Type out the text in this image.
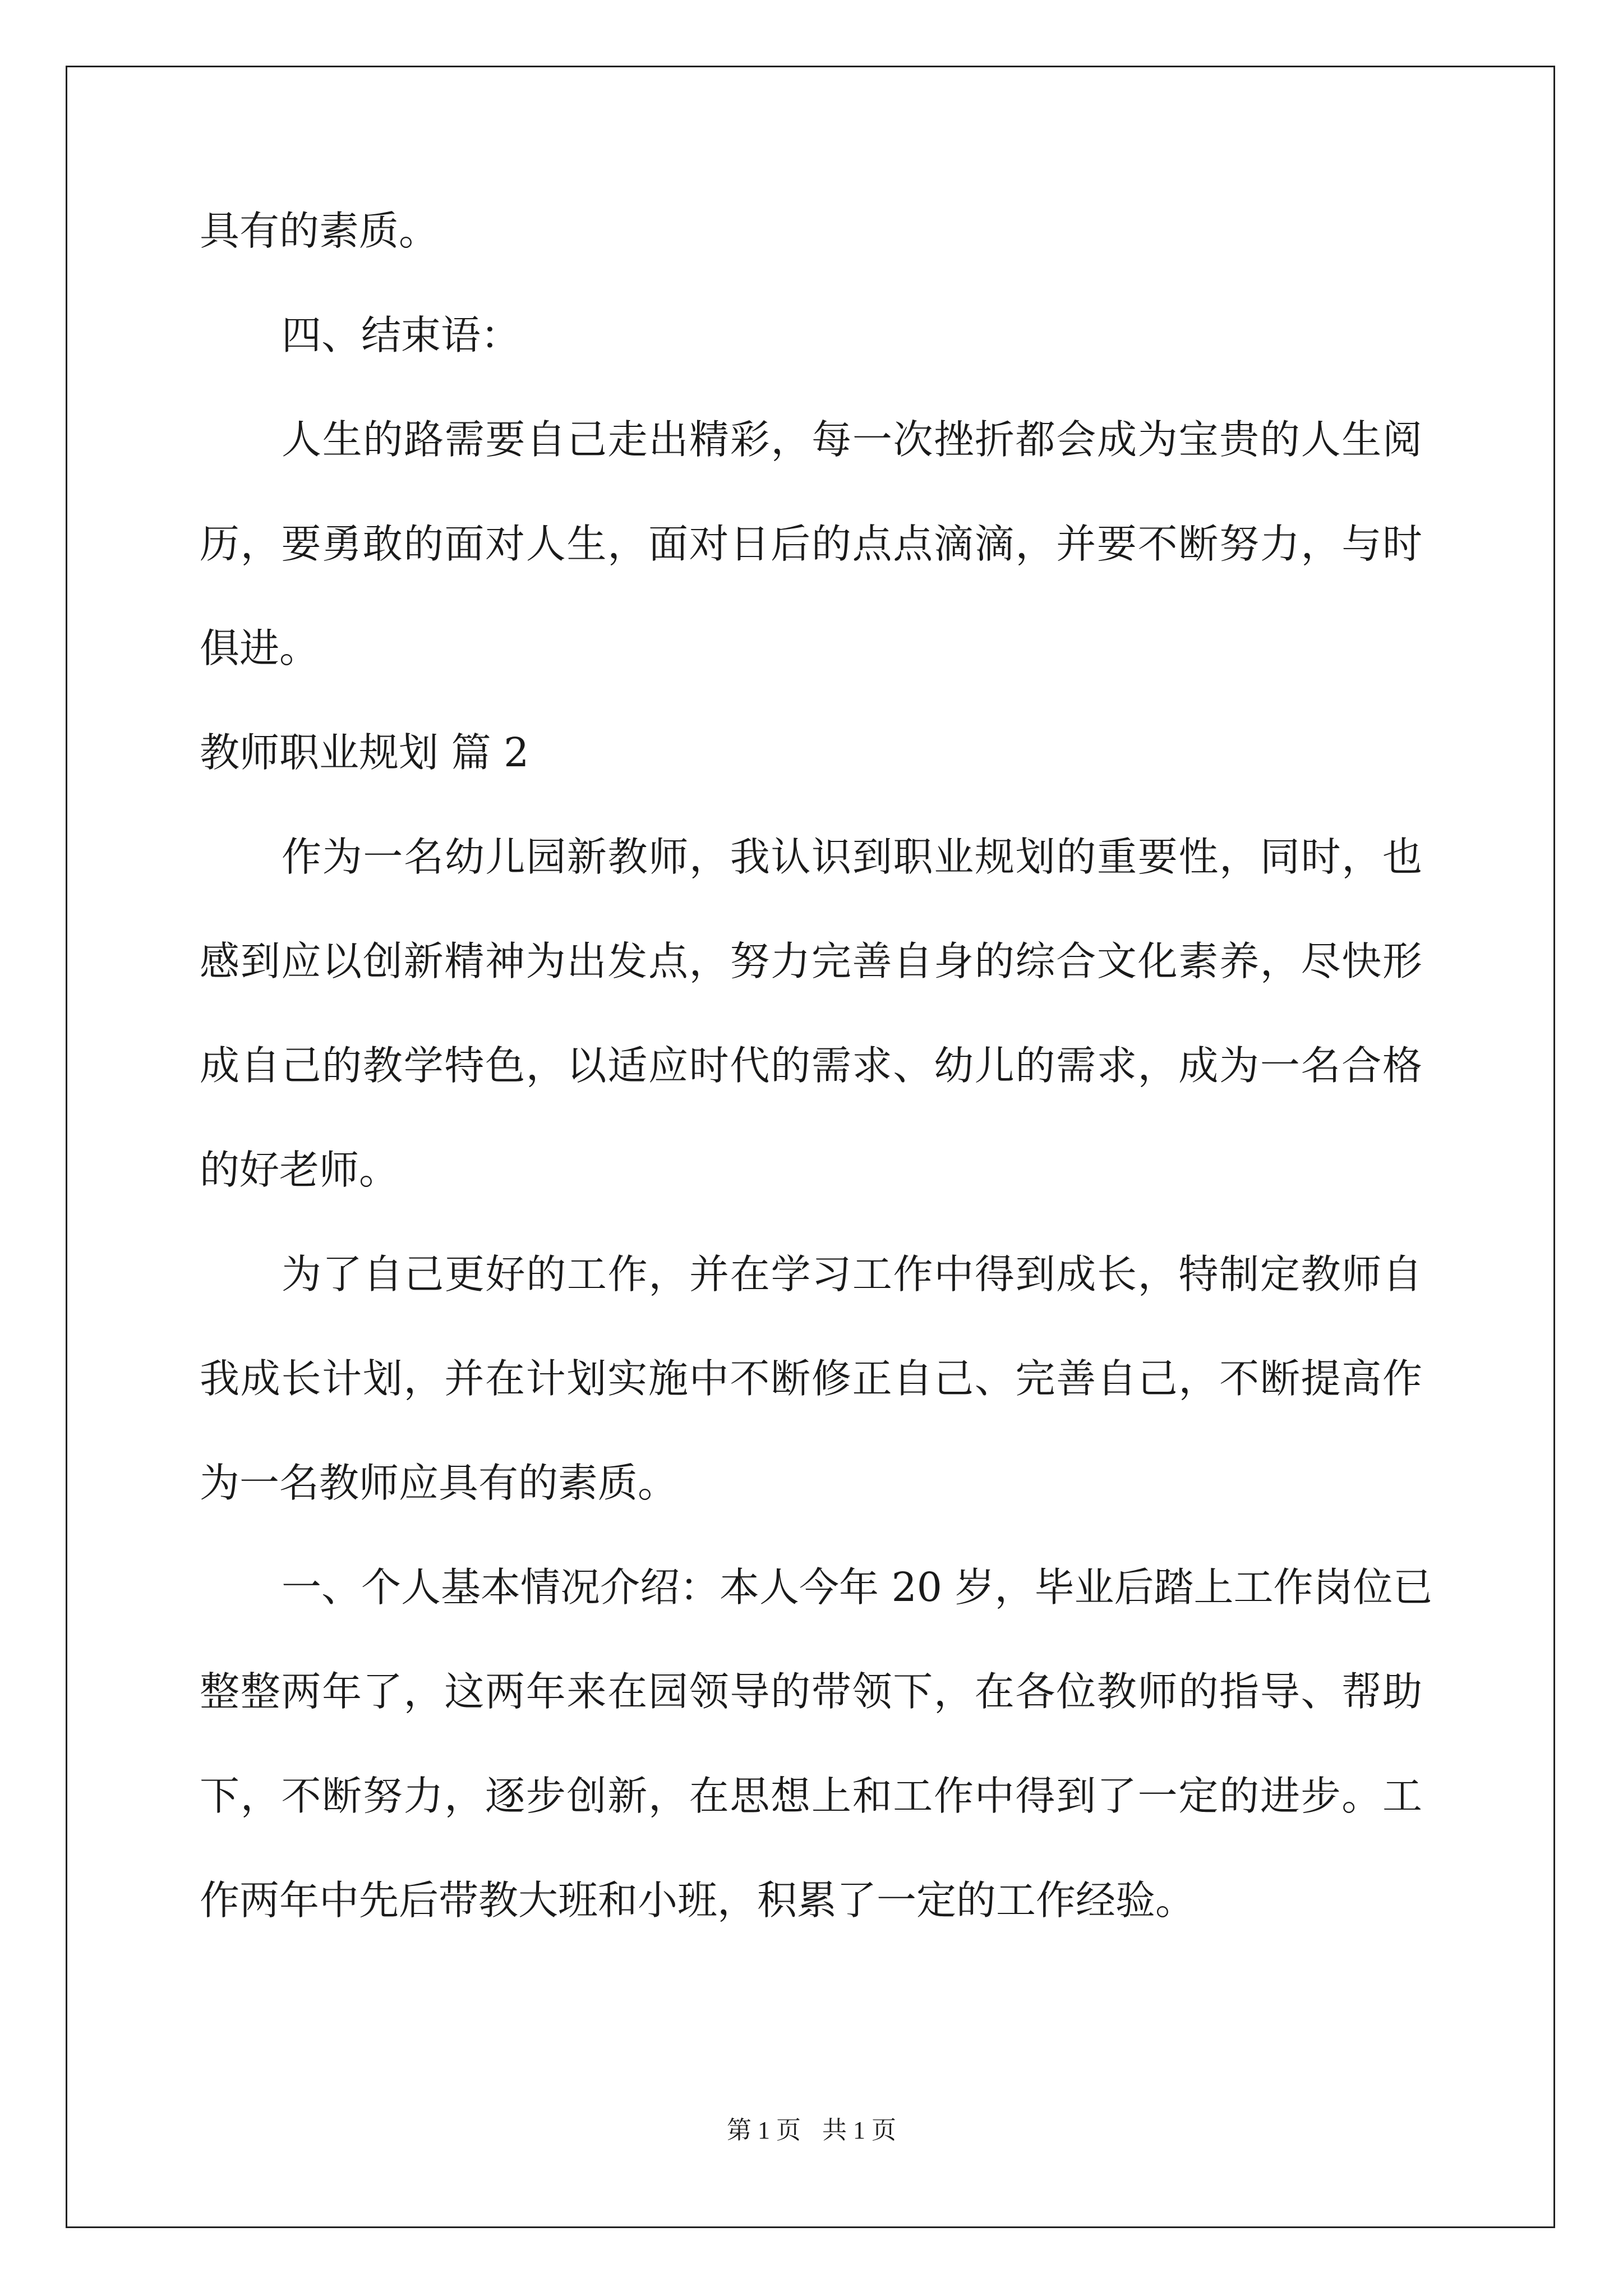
具有的素质。
四、结束语：
人生的路需要自己走出精彩，每一次挫折都会成为宝贵的人生阅
历，要勇敢的面对人生，面对日后的点点滴滴，并要不断努力，与时
俱进。
教师职业规划 篇 2
作为一名幼儿园新教师，我认识到职业规划的重要性，同时，也
感到应以创新精神为出发点，努力完善自身的综合文化素养，尽快形
成自己的教学特色，以适应时代的需求、幼儿的需求，成为一名合格
的好老师。
为了自己更好的工作，并在学习工作中得到成长，特制定教师自
我成长计划，并在计划实施中不断修正自己、完善自己，不断提高作
为一名教师应具有的素质。
一、个人基本情况介绍：本人今年 20 岁，毕业后踏上工作岗位已
整整两年了，这两年来在园领导的带领下，在各位教师的指导、帮助
下，不断努力，逐步创新，在思想上和工作中得到了一定的进步。工
作两年中先后带教大班和小班，积累了一定的工作经验。
第 1 页 共 1 页
